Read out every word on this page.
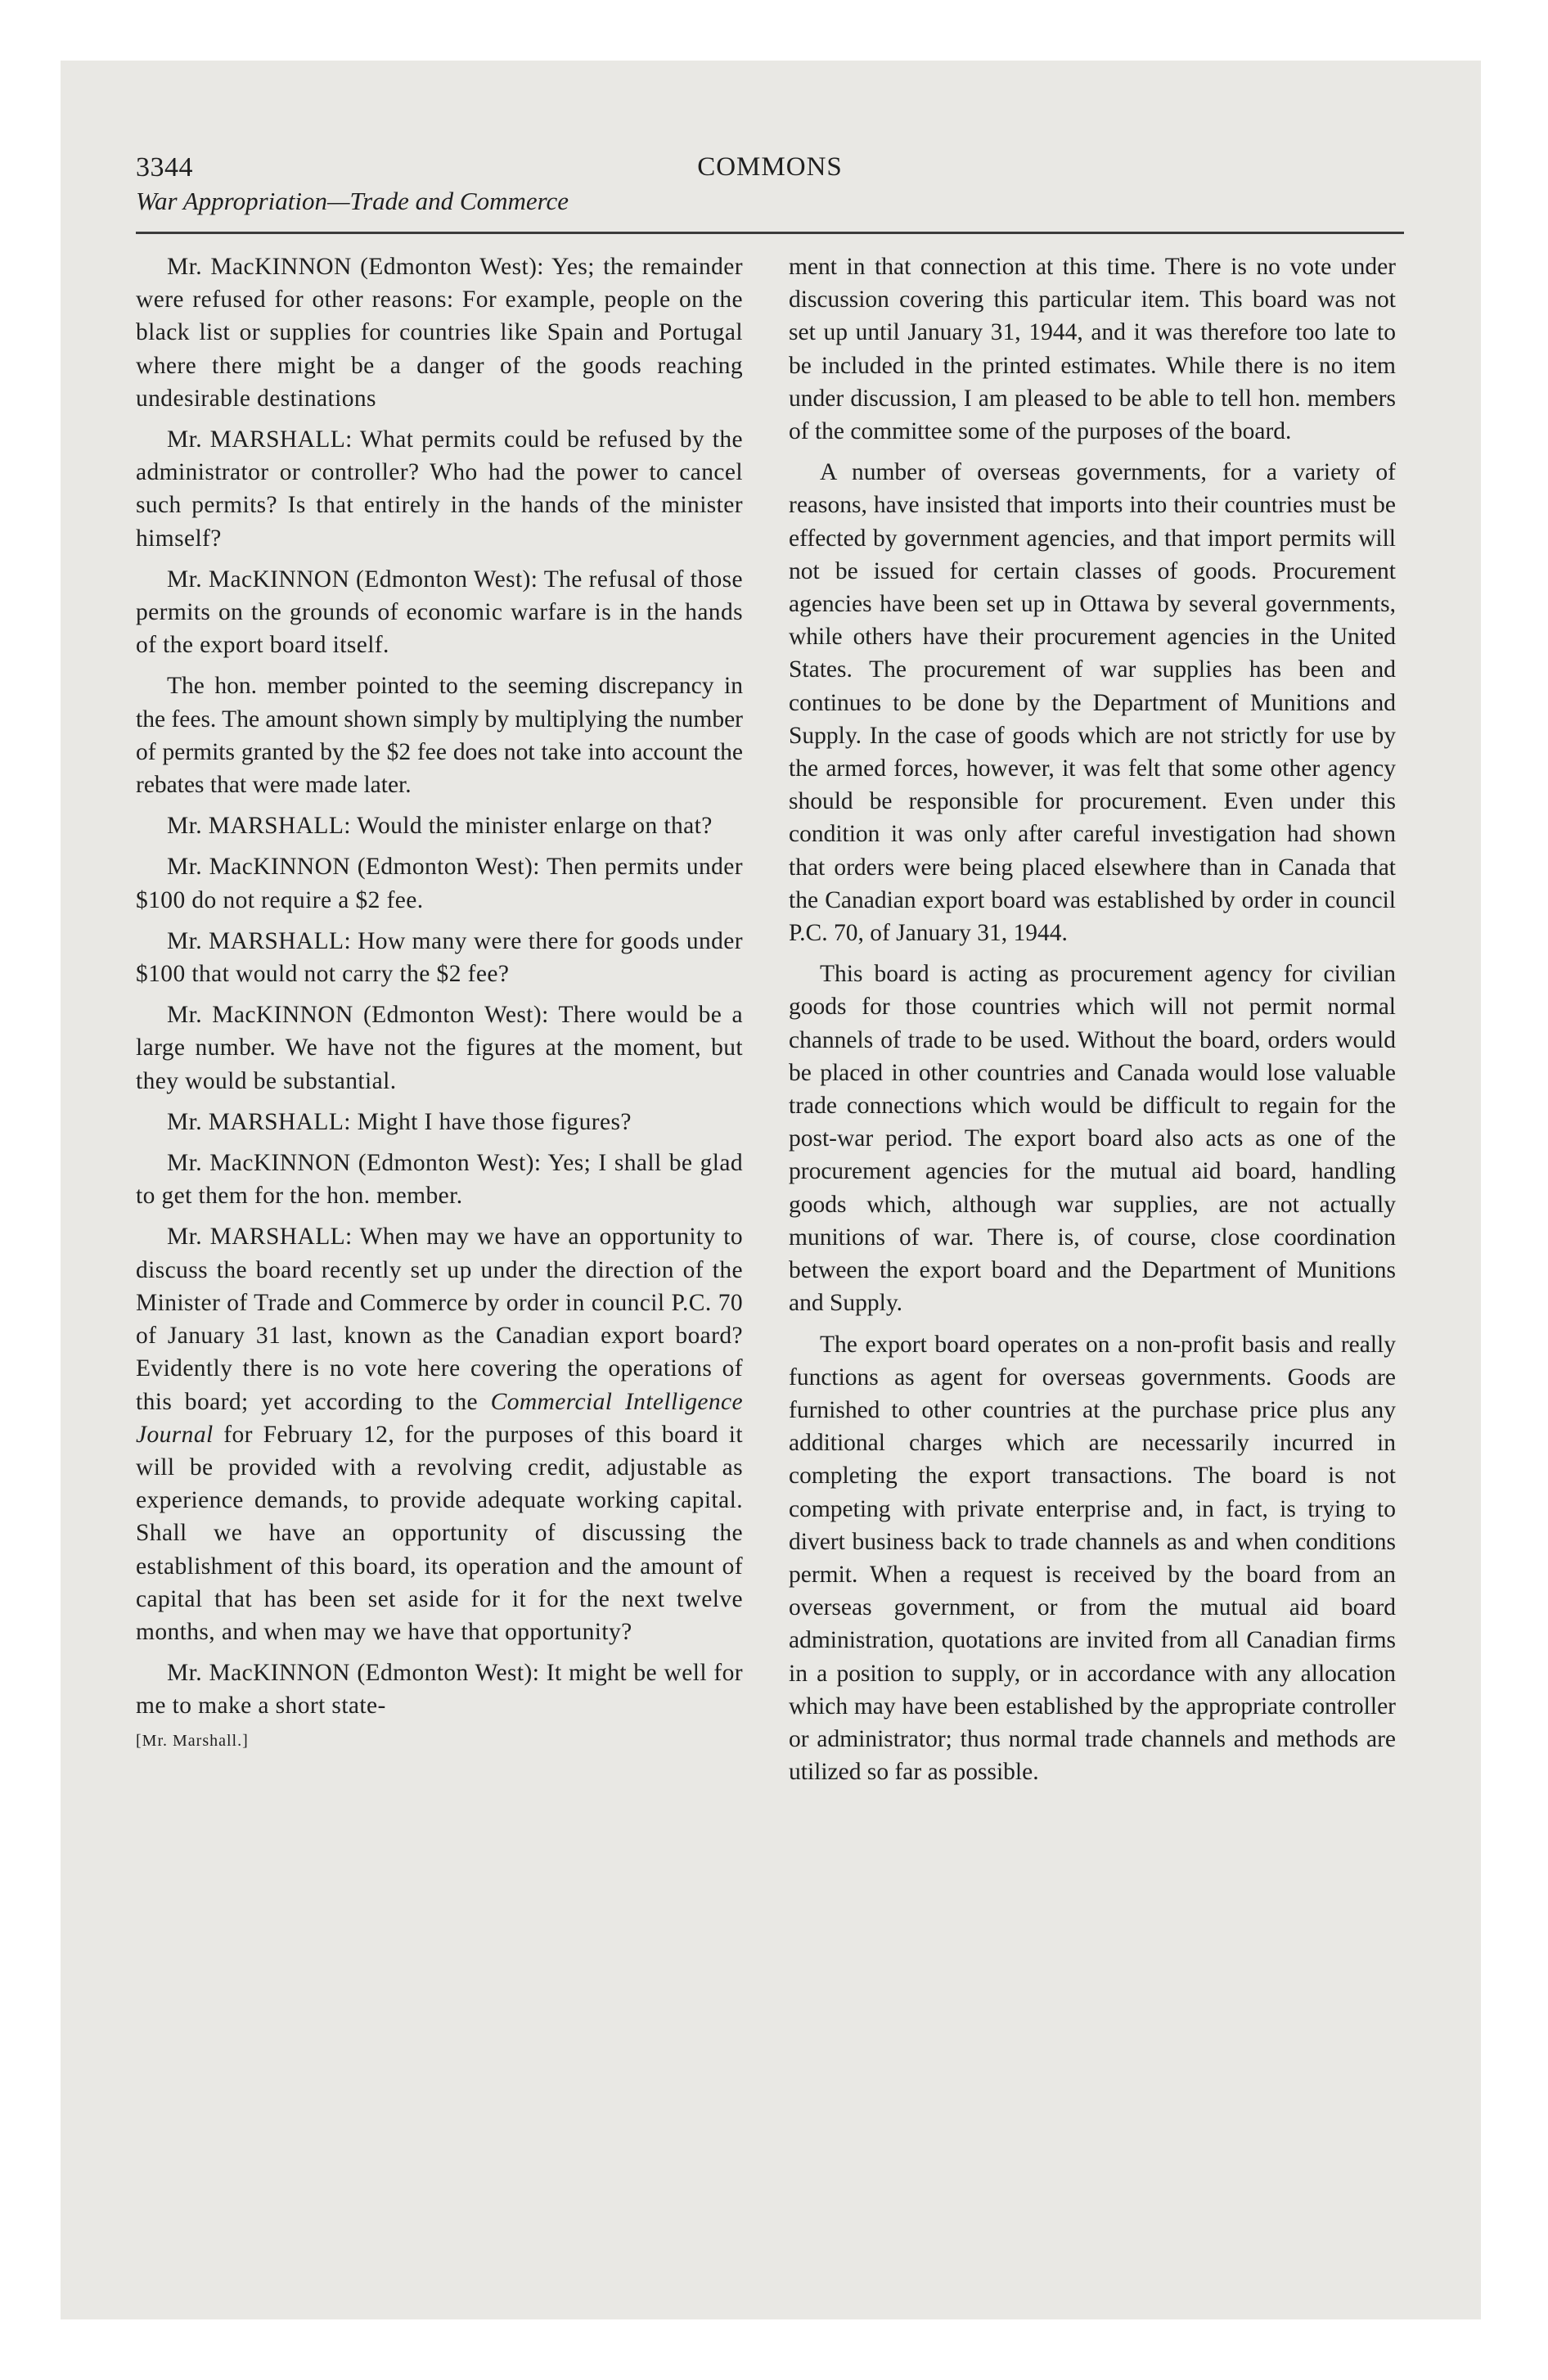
3344	COMMONS
War Appropriation—Trade and Commerce

Mr. MacKINNON (Edmonton West): Yes; the remainder were refused for other reasons: For example, people on the black list or supplies for countries like Spain and Portugal where there might be a danger of the goods reaching undesirable destinations

Mr. MARSHALL: What permits could be refused by the administrator or controller? Who had the power to cancel such permits? Is that entirely in the hands of the minister himself?

Mr. MacKINNON (Edmonton West): The refusal of those permits on the grounds of economic warfare is in the hands of the export board itself.

The hon. member pointed to the seeming discrepancy in the fees. The amount shown simply by multiplying the number of permits granted by the $2 fee does not take into account the rebates that were made later.

Mr. MARSHALL: Would the minister enlarge on that?

Mr. MacKINNON (Edmonton West): Then permits under $100 do not require a $2 fee.

Mr. MARSHALL: How many were there for goods under $100 that would not carry the $2 fee?

Mr. MacKINNON (Edmonton West): There would be a large number. We have not the figures at the moment, but they would be substantial.

Mr. MARSHALL: Might I have those figures?

Mr. MacKINNON (Edmonton West): Yes; I shall be glad to get them for the hon. member.

Mr. MARSHALL: When may we have an opportunity to discuss the board recently set up under the direction of the Minister of Trade and Commerce by order in council P.C. 70 of January 31 last, known as the Canadian export board? Evidently there is no vote here covering the operations of this board; yet according to the Commercial Intelligence Journal for February 12, for the purposes of this board it will be provided with a revolving credit, adjustable as experience demands, to provide adequate working capital. Shall we have an opportunity of discussing the establishment of this board, its operation and the amount of capital that has been set aside for it for the next twelve months, and when may we have that opportunity?

Mr. MacKINNON (Edmonton West): It might be well for me to make a short state-

[Mr. Marshall.]

ment in that connection at this time. There is no vote under discussion covering this particular item. This board was not set up until January 31, 1944, and it was therefore too late to be included in the printed estimates. While there is no item under discussion, I am pleased to be able to tell hon. members of the committee some of the purposes of the board.

A number of overseas governments, for a variety of reasons, have insisted that imports into their countries must be effected by government agencies, and that import permits will not be issued for certain classes of goods. Procurement agencies have been set up in Ottawa by several governments, while others have their procurement agencies in the United States. The procurement of war supplies has been and continues to be done by the Department of Munitions and Supply. In the case of goods which are not strictly for use by the armed forces, however, it was felt that some other agency should be responsible for procurement. Even under this condition it was only after careful investigation had shown that orders were being placed elsewhere than in Canada that the Canadian export board was established by order in council P.C. 70, of January 31, 1944.

This board is acting as procurement agency for civilian goods for those countries which will not permit normal channels of trade to be used. Without the board, orders would be placed in other countries and Canada would lose valuable trade connections which would be difficult to regain for the post-war period. The export board also acts as one of the procurement agencies for the mutual aid board, handling goods which, although war supplies, are not actually munitions of war. There is, of course, close coordination between the export board and the Department of Munitions and Supply.

The export board operates on a non-profit basis and really functions as agent for overseas governments. Goods are furnished to other countries at the purchase price plus any additional charges which are necessarily incurred in completing the export transactions. The board is not competing with private enterprise and, in fact, is trying to divert business back to trade channels as and when conditions permit. When a request is received by the board from an overseas government, or from the mutual aid board administration, quotations are invited from all Canadian firms in a position to supply, or in accordance with any allocation which may have been established by the appropriate controller or administrator; thus normal trade channels and methods are utilized so far as possible.
